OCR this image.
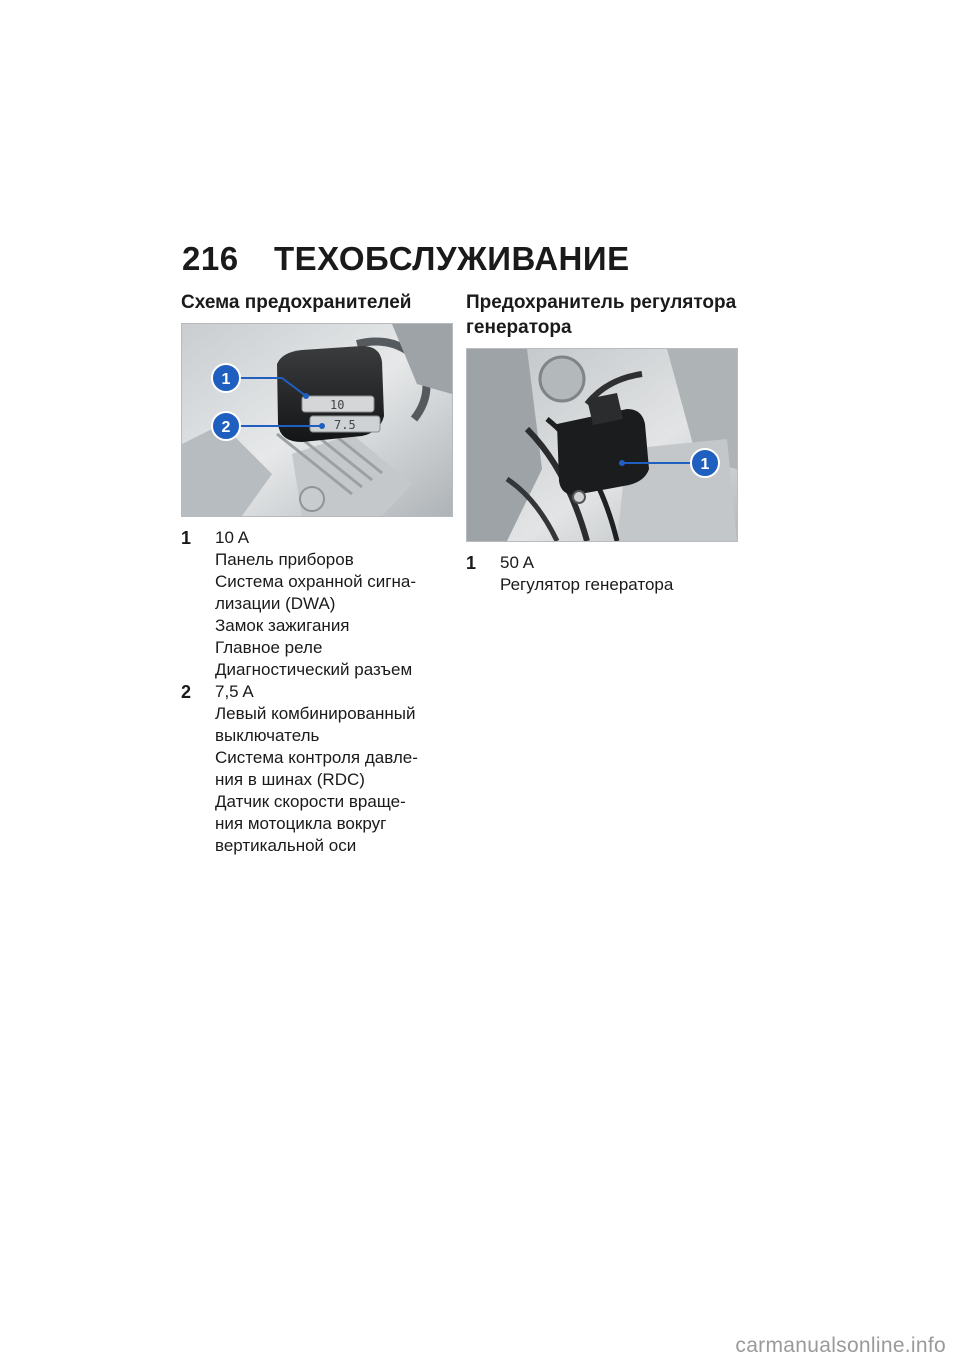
216 ТЕХОБСЛУЖИВАНИЕ
Схема предохранителей
10
7.5
1
2
1	10 A
Панель приборов
Система охранной сигна-
лизации (DWA)
Замок зажигания
Главное реле
Диагностический разъем
2	7,5 A
Левый комбинированный
выключатель
Система контроля давле-
ния в шинах (RDC)
Датчик скорости враще-
ния мотоцикла вокруг
вертикальной оси
Предохранитель регулятора
генератора
1
1	50 A
Регулятор генератора
carmanualsonline.info
